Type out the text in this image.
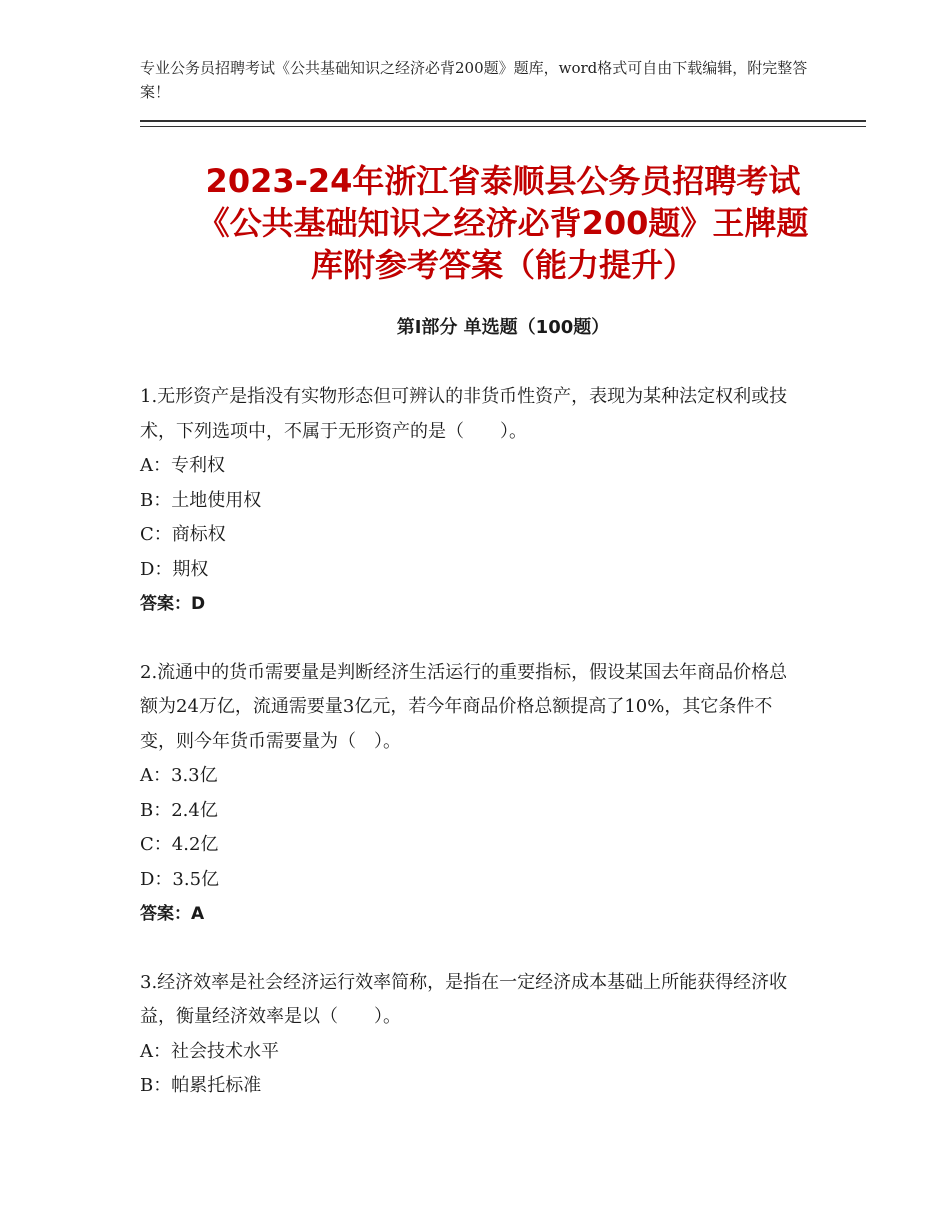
专业公务员招聘考试《公共基础知识之经济必背200题》题库，word格式可自由下载编辑，附完整答案！
2023-24年浙江省泰顺县公务员招聘考试
《公共基础知识之经济必背200题》王牌题
库附参考答案（能力提升）
第Ⅰ部分 单选题（100题）

1.无形资产是指没有实物形态但可辨认的非货币性资产，表现为某种法定权利或技术，下列选项中，不属于无形资产的是（　　）。

A：专利权

B：土地使用权

C：商标权

D：期权

答案：D

2.流通中的货币需要量是判断经济生活运行的重要指标，假设某国去年商品价格总额为24万亿，流通需要量3亿元，若今年商品价格总额提高了10%，其它条件不变，则今年货币需要量为（　）。

A：3.3亿

B：2.4亿

C：4.2亿

D：3.5亿

答案：A

3.经济效率是社会经济运行效率简称，是指在一定经济成本基础上所能获得经济收益，衡量经济效率是以（　　）。

A：社会技术水平

B：帕累托标准
